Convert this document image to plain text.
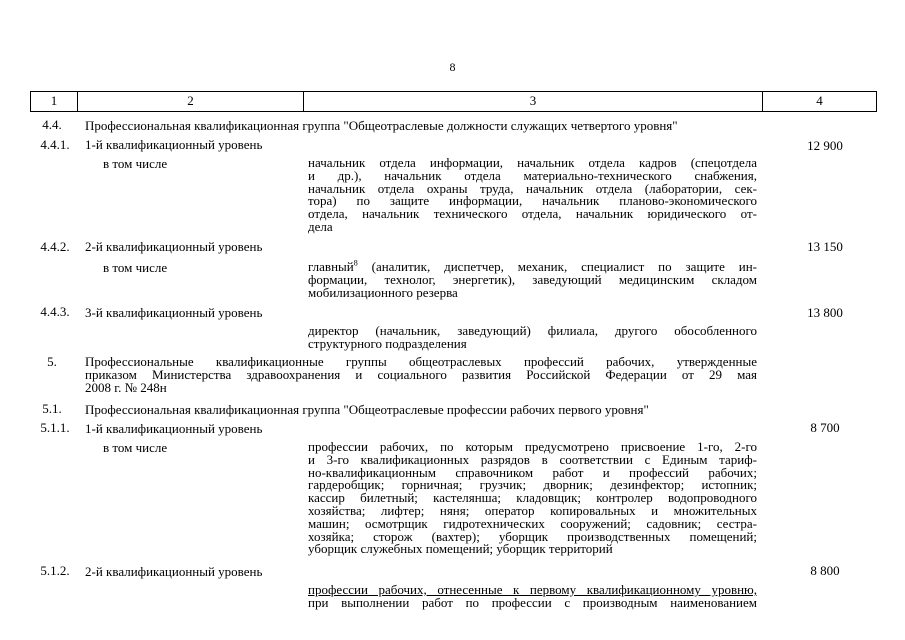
8
1	2	3	4
4.4.	Профессиональная квалификационная группа "Общеотраслевые должности служащих четвертого уровня"
4.4.1.	1-й квалификационный уровень	12 900
в том числе	начальник отдела информации, начальник отдела кадров (спецотдела
и др.), начальник отдела материально-технического снабжения,
начальник отдела охраны труда, начальник отдела (лаборатории, сек-
тора) по защите информации, начальник планово-экономического
отдела, начальник технического отдела, начальник юридического от-
дела
4.4.2.	2-й квалификационный уровень	13 150
в том числе	главный$^8$ (аналитик, диспетчер, механик, специалист по защите ин-
формации, технолог, энергетик), заведующий медицинским складом
мобилизационного резерва
4.4.3.	3-й квалификационный уровень	13 800
директор (начальник, заведующий) филиала, другого обособленного
структурного подразделения
5.	Профессиональные квалификационные группы общеотраслевых профессий рабочих, утвержденные
приказом Министерства здравоохранения и социального развития Российской Федерации от 29 мая
2008 г. № 248н
5.1.	Профессиональная квалификационная группа "Общеотраслевые профессии рабочих первого уровня"
5.1.1.	1-й квалификационный уровень	8 700
в том числе	профессии рабочих, по которым предусмотрено присвоение 1-го, 2-го
и 3-го квалификационных разрядов в соответствии с Единым тариф-
но-квалификационным справочником работ и профессий рабочих;
гардеробщик; горничная; грузчик; дворник; дезинфектор; истопник;
кассир билетный; кастелянша; кладовщик; контролер водопроводного
хозяйства; лифтер; няня; оператор копировальных и множительных
машин; осмотрщик гидротехнических сооружений; садовник; сестра-
хозяйка; сторож (вахтер); уборщик производственных помещений;
уборщик служебных помещений; уборщик территорий
5.1.2.	2-й квалификационный уровень	8 800
профессии рабочих, отнесенные к первому квалификационному уровню,
при выполнении работ по профессии с производным наименованием
